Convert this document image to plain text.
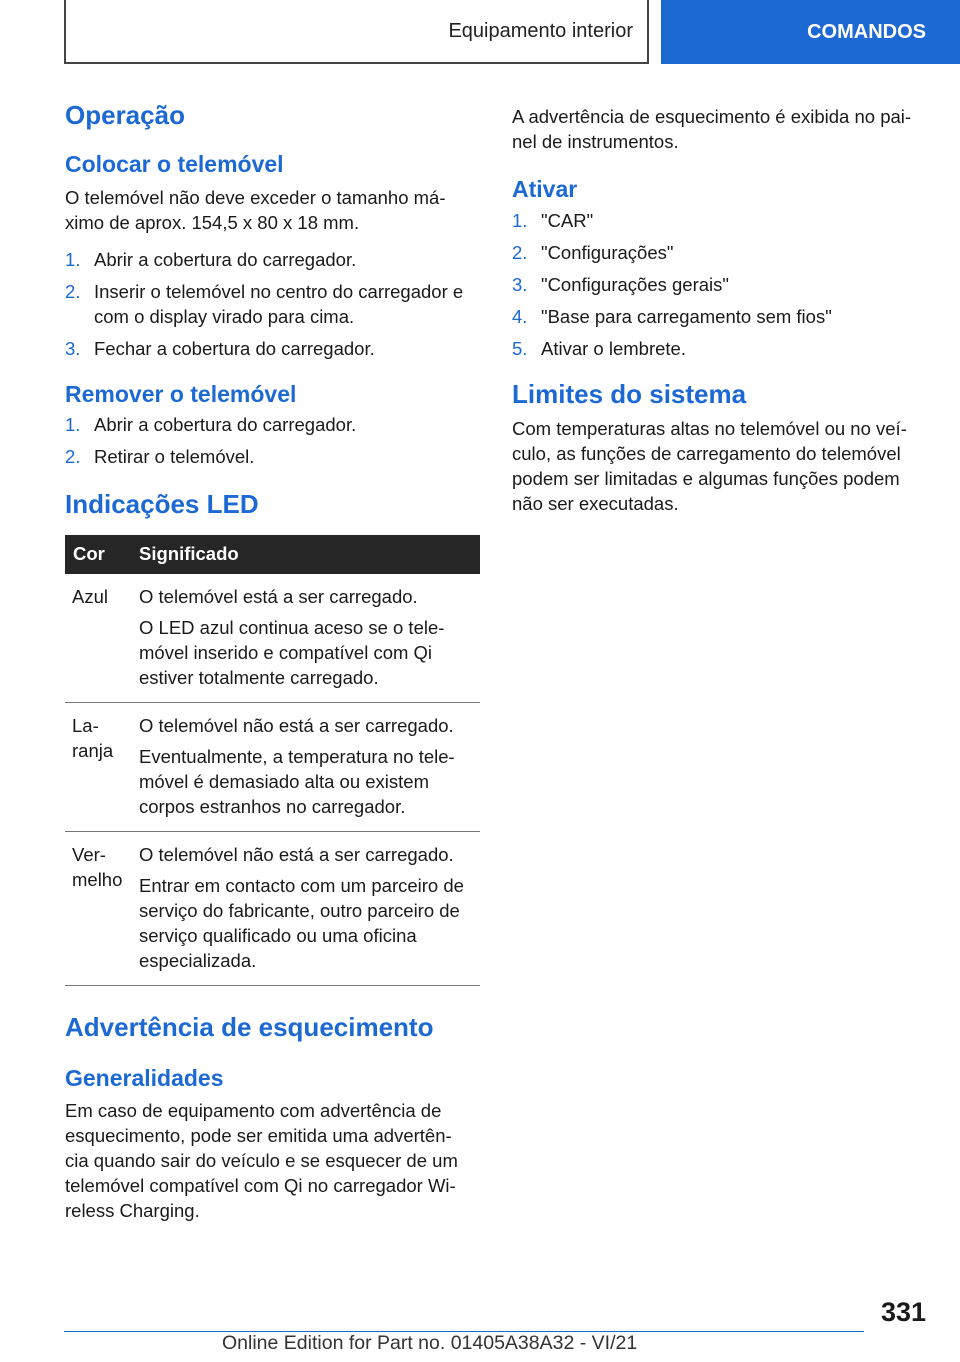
Equipamento interior	COMANDOS
Operação
Colocar o telemóvel

O telemóvel não deve exceder o tamanho má-ximo de aprox. 154,5 x 80 x 18 mm.

1. Abrir a cobertura do carregador.
2. Inserir o telemóvel no centro do carregador e com o display virado para cima.
3. Fechar a cobertura do carregador.
Remover o telemóvel
1. Abrir a cobertura do carregador.
2. Retirar o telemóvel.
Indicações LED
Cor	Significado
Azul	O telemóvel está a ser carregado.
O LED azul continua aceso se o tele-móvel inserido e compatível com Qi estiver totalmente carregado.

La-ranja	O telemóvel não está a ser carregado.
Eventualmente, a temperatura no tele-móvel é demasiado alta ou existem corpos estranhos no carregador.

Ver-melho	O telemóvel não está a ser carregado.
Entrar em contacto com um parceiro de serviço do fabricante, outro parceiro de serviço qualificado ou uma oficina especializada.
Advertência de esquecimento
Generalidades

Em caso de equipamento com advertência de esquecimento, pode ser emitida uma advertên-cia quando sair do veículo e se esquecer de um telemóvel compatível com Qi no carregador Wi-reless Charging.

A advertência de esquecimento é exibida no pai-nel de instrumentos.

Ativar
1. "CAR"
2. "Configurações"
3. "Configurações gerais"
4. "Base para carregamento sem fios"
5. Ativar o lembrete.
Limites do sistema

Com temperaturas altas no telemóvel ou no veí-culo, as funções de carregamento do telemóvel podem ser limitadas e algumas funções podem não ser executadas.

331
Online Edition for Part no. 01405A38A32 - VI/21
